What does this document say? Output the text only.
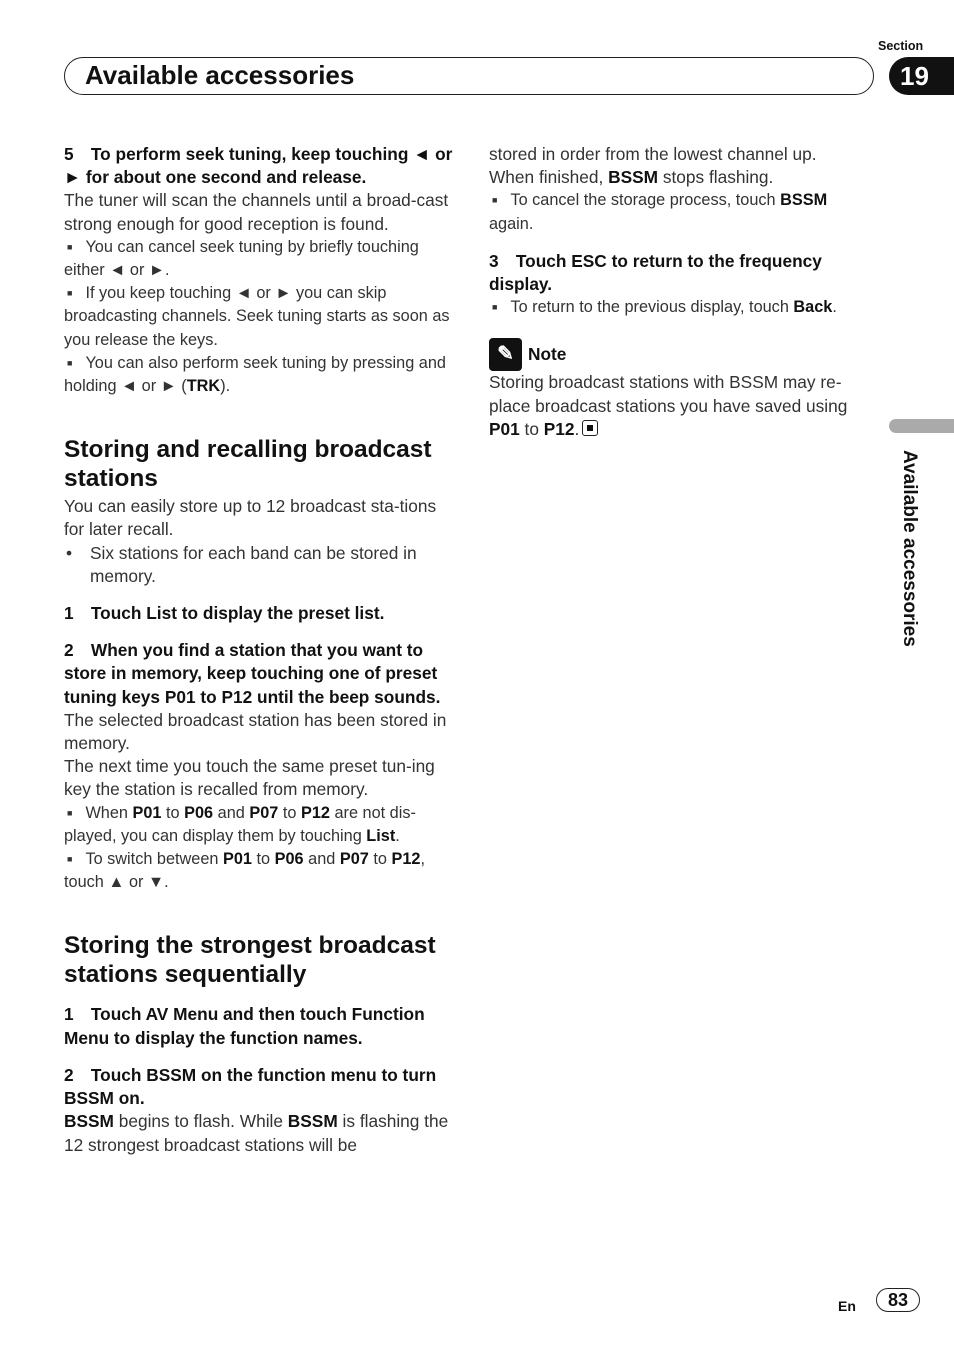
Section
Available accessories	19
5 To perform seek tuning, keep touching ◄ or ► for about one second and release.
The tuner will scan the channels until a broad-cast strong enough for good reception is found.
■ You can cancel seek tuning by briefly touching either ◄ or ►.
■ If you keep touching ◄ or ► you can skip broadcasting channels. Seek tuning starts as soon as you release the keys.
■ You can also perform seek tuning by pressing and holding ◄ or ► (TRK).
Storing and recalling broadcast stations
You can easily store up to 12 broadcast sta-tions for later recall.
• Six stations for each band can be stored in memory.
1 Touch List to display the preset list.
2 When you find a station that you want to store in memory, keep touching one of preset tuning keys P01 to P12 until the beep sounds.
The selected broadcast station has been stored in memory.
The next time you touch the same preset tun-ing key the station is recalled from memory.
■ When P01 to P06 and P07 to P12 are not dis-played, you can display them by touching List.
■ To switch between P01 to P06 and P07 to P12, touch ▲ or ▼.
Storing the strongest broadcast stations sequentially
1 Touch AV Menu and then touch Function Menu to display the function names.
2 Touch BSSM on the function menu to turn BSSM on.
BSSM begins to flash. While BSSM is flashing the 12 strongest broadcast stations will be
stored in order from the lowest channel up. When finished, BSSM stops flashing.
■ To cancel the storage process, touch BSSM again.
3 Touch ESC to return to the frequency display.
■ To return to the previous display, touch Back.
✎ Note
Storing broadcast stations with BSSM may re-place broadcast stations you have saved using P01 to P12.
Available accessories
En	83
